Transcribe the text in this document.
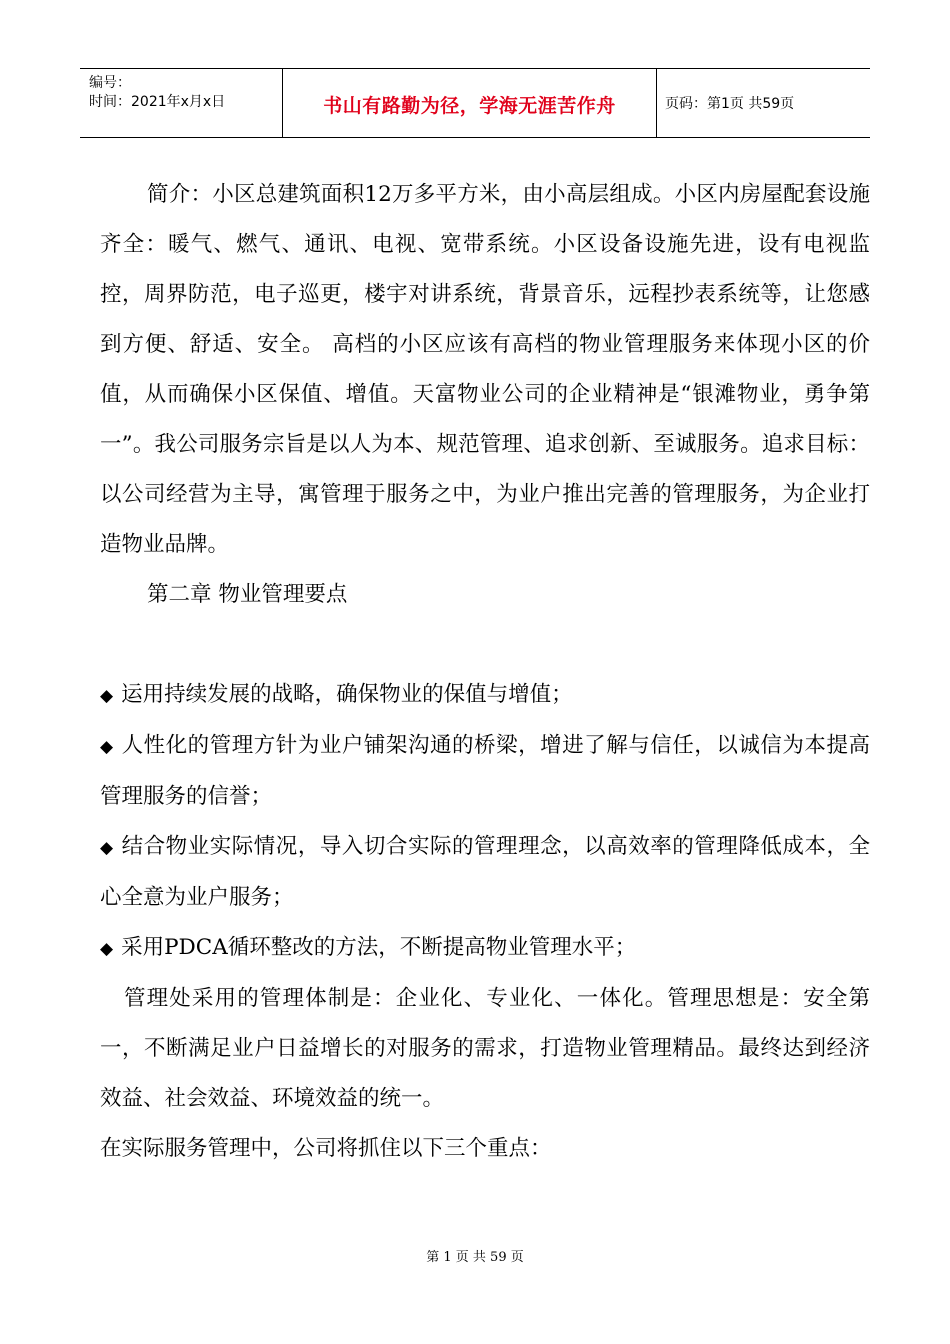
编号：
时间：2021年x月x日	书山有路勤为径，学海无涯苦作舟	页码：第1页 共59页

简介：小区总建筑面积12万多平方米，由小高层组成。小区内房屋配套设施齐全：暖气、燃气、通讯、电视、宽带系统。小区设备设施先进，设有电视监控，周界防范，电子巡更，楼宇对讲系统，背景音乐，远程抄表系统等，让您感到方便、舒适、安全。 高档的小区应该有高档的物业管理服务来体现小区的价值，从而确保小区保值、增值。天富物业公司的企业精神是“银滩物业，勇争第一”。我公司服务宗旨是以人为本、规范管理、追求创新、至诚服务。追求目标：以公司经营为主导，寓管理于服务之中，为业户推出完善的管理服务，为企业打造物业品牌。

第二章 物业管理要点

◆ 运用持续发展的战略，确保物业的保值与增值；

◆ 人性化的管理方针为业户铺架沟通的桥梁，增进了解与信任，以诚信为本提高管理服务的信誉；

◆ 结合物业实际情况，导入切合实际的管理理念，以高效率的管理降低成本，全心全意为业户服务；

◆ 采用PDCA循环整改的方法，不断提高物业管理水平；

管理处采用的管理体制是：企业化、专业化、一体化。管理思想是：安全第一，不断满足业户日益增长的对服务的需求，打造物业管理精品。最终达到经济效益、社会效益、环境效益的统一。

在实际服务管理中，公司将抓住以下三个重点：

第 1 页 共 59 页
